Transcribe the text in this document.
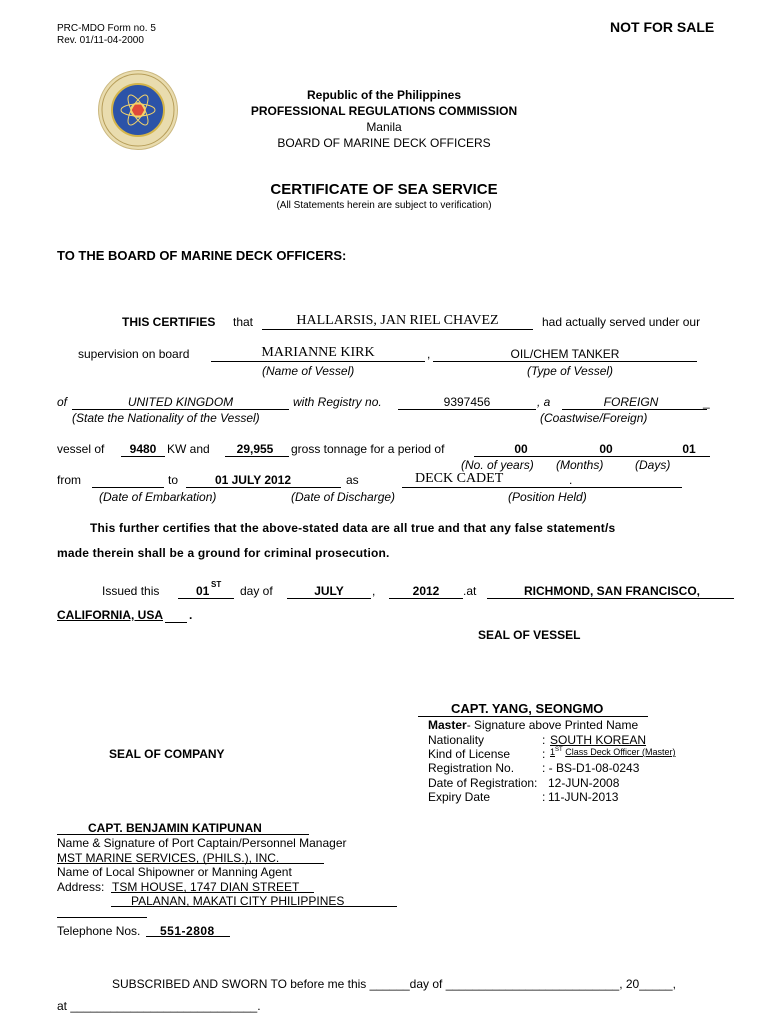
PRC-MDO Form no. 5
Rev. 01/11-04-2000
NOT FOR SALE
Republic of the Philippines
PROFESSIONAL REGULATIONS COMMISSION
Manila
BOARD OF MARINE DECK OFFICERS
CERTIFICATE OF SEA SERVICE
(All Statements herein are subject to verification)
TO THE BOARD OF MARINE DECK OFFICERS:
THIS CERTIFIES that	HALLARSIS, JAN RIEL CHAVEZ	had actually served under our
supervision on board	MARIANNE KIRK	,	OIL/CHEM TANKER
(Name of Vessel)	(Type of Vessel)
of	UNITED KINGDOM	with Registry no.	9397456	, a	FOREIGN	_
(State the Nationality of the Vessel)	(Coastwise/Foreign)
vessel of	9480 KW and	29,955	gross tonnage for a period of	00	00	01
(No. of years) (Months)	(Days)
from	to	01 JULY 2012	as	DECK CADET	.
(Date of Embarkation)	(Date of Discharge)	(Position Held)
This further certifies that the above-stated data are all true and that any false statement/s
made therein shall be a ground for criminal prosecution.
Issued this	01 ST day of	JULY	,	2012	.at	RICHMOND, SAN FRANCISCO,
CALIFORNIA, USA .
SEAL OF VESSEL
CAPT. YANG, SEONGMO
Master- Signature above Printed Name
Nationality	: SOUTH KOREAN
Kind of License	: 1ST Class Deck Officer (Master)
Registration No. : - BS-D1-08-0243
Date of Registration: 12-JUN-2008
Expiry Date	: 11-JUN-2013
SEAL OF COMPANY
CAPT. BENJAMIN KATIPUNAN
Name & Signature of Port Captain/Personnel Manager
MST MARINE SERVICES, (PHILS.), INC.
Name of Local Shipowner or Manning Agent
Address: TSM HOUSE, 1747 DIAN STREET
PALANAN, MAKATI CITY PHILIPPINES
Telephone Nos. 551-2808
SUBSCRIBED AND SWORN TO before me this ______day of __________________________, 20_____,
at ____________________________.
